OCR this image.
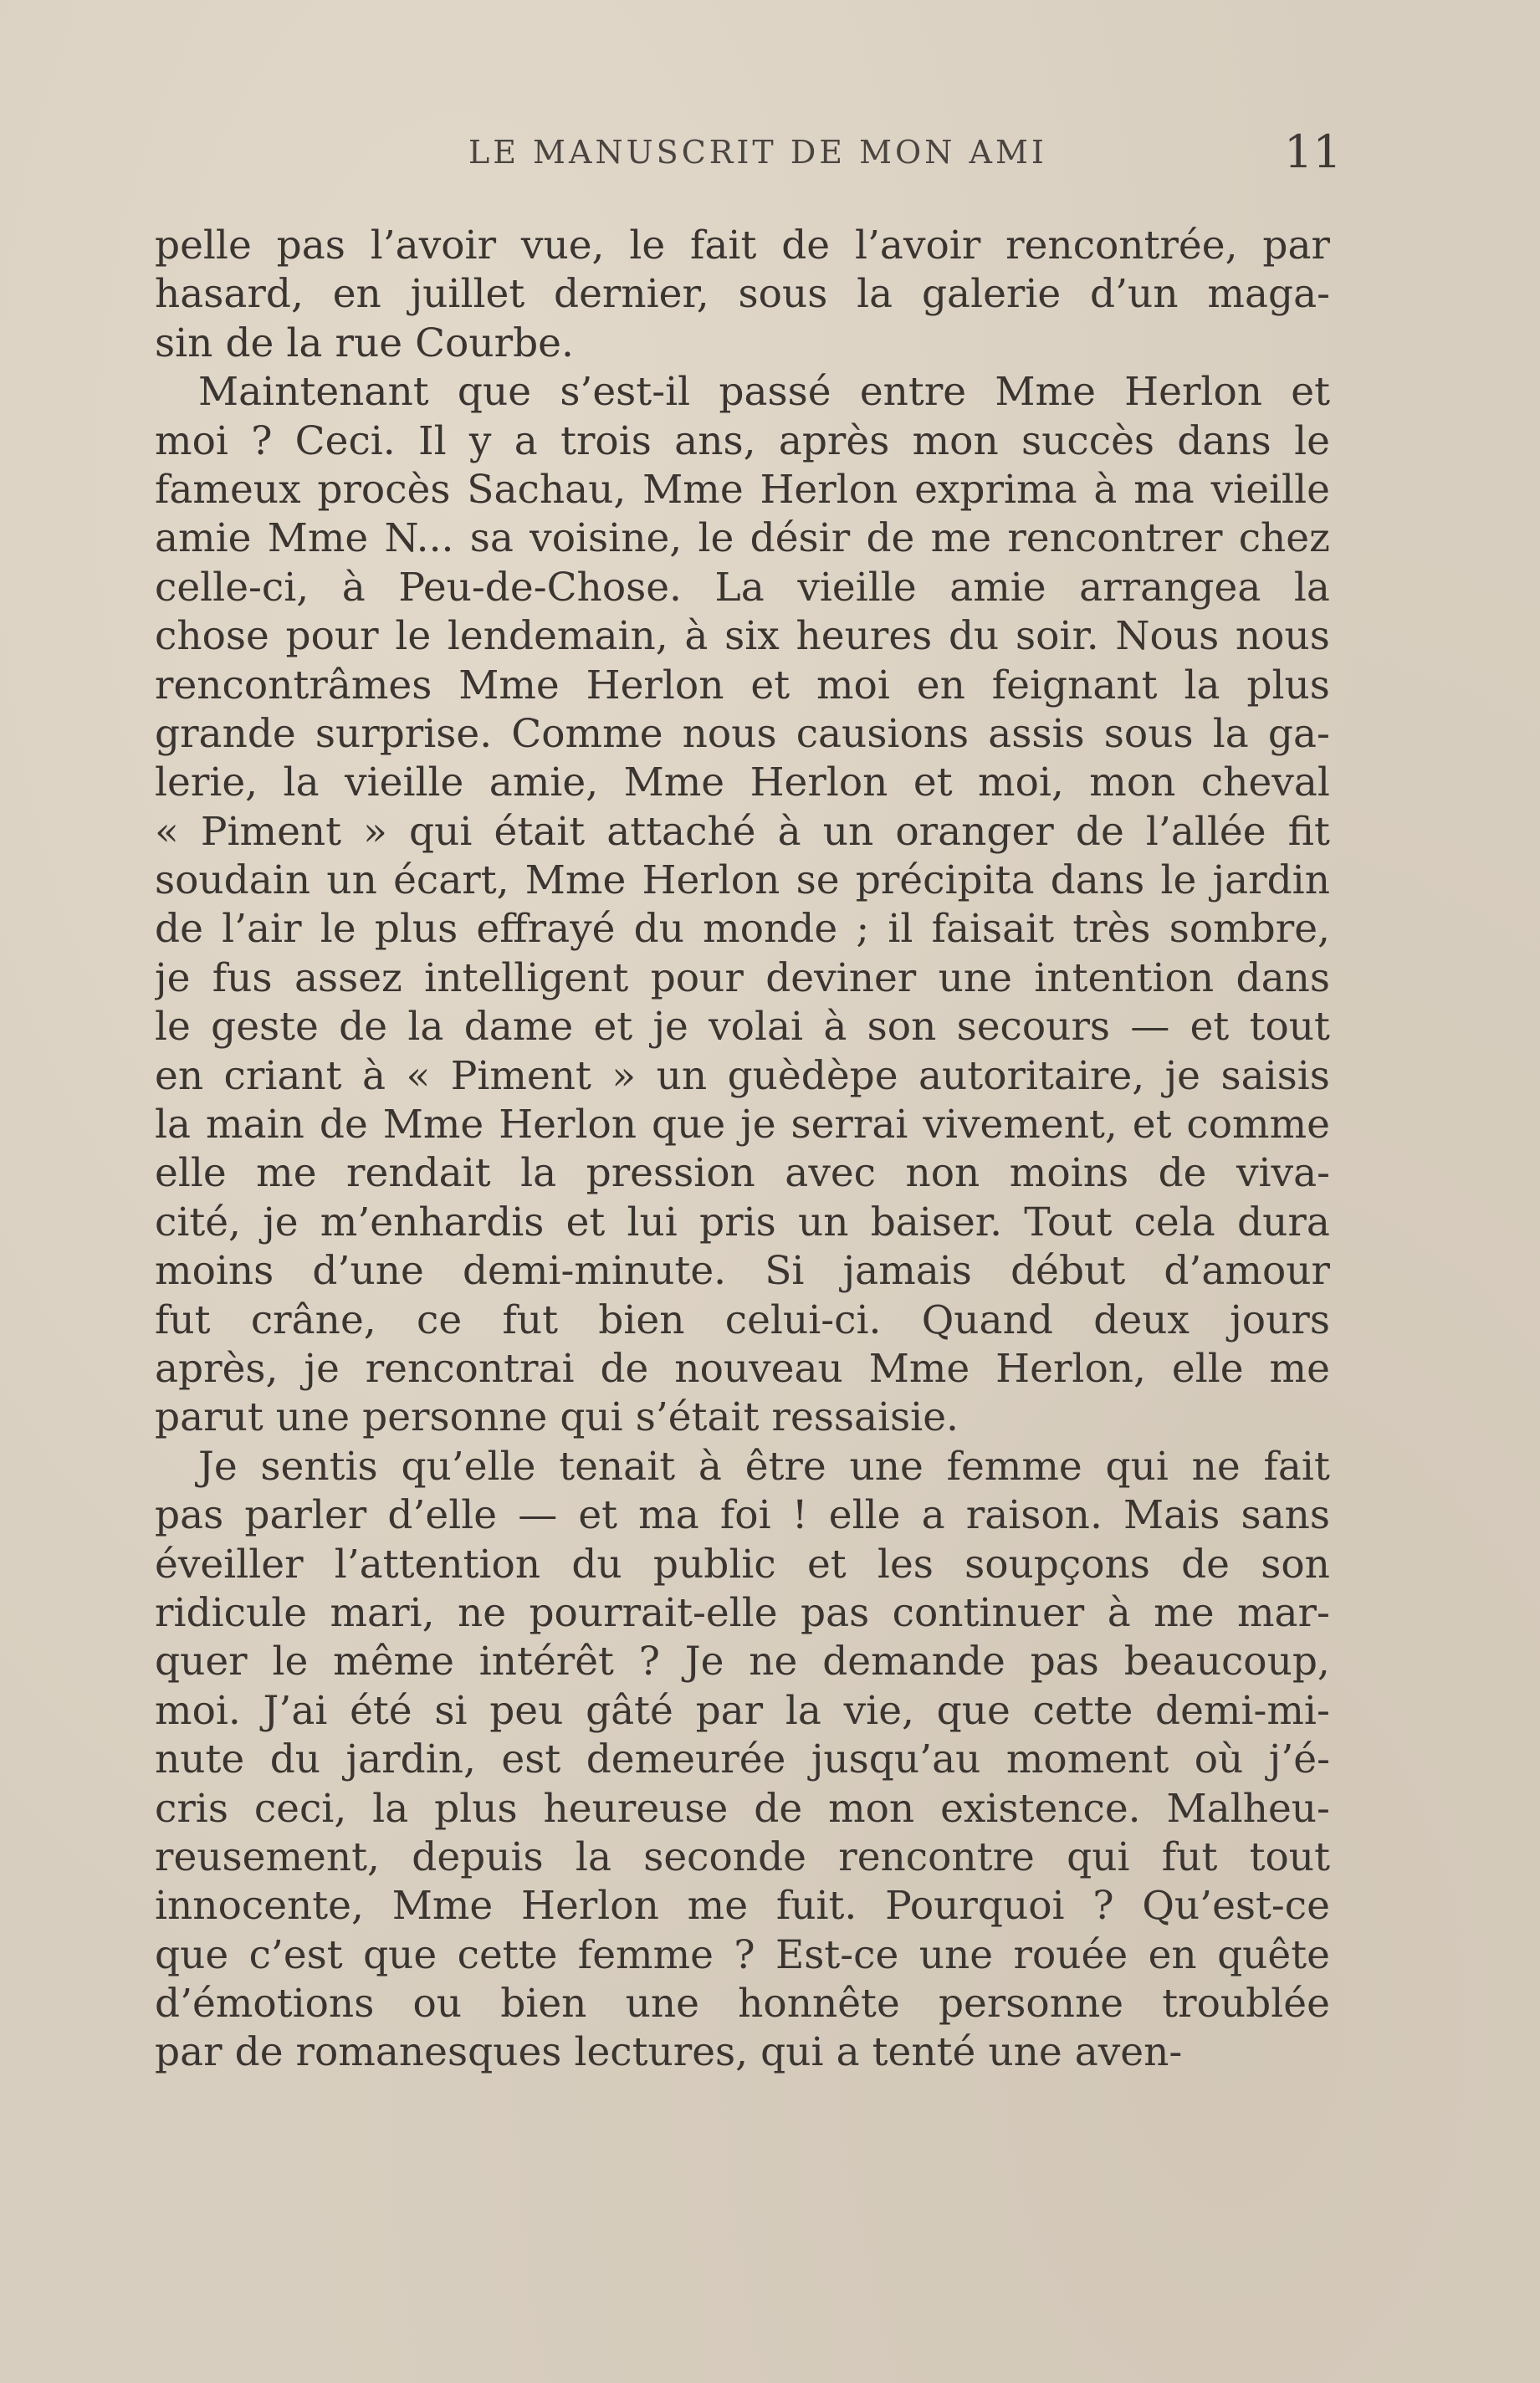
LE MANUSCRIT DE MON AMI	11
pelle pas l’avoir vue, le fait de l’avoir rencontrée, par
hasard, en juillet dernier, sous la galerie d’un maga-
sin de la rue Courbe.
Maintenant que s’est-il passé entre Mme Herlon et
moi ? Ceci. Il y a trois ans, après mon succès dans le
fameux procès Sachau, Mme Herlon exprima à ma vieille
amie Mme N... sa voisine, le désir de me rencontrer chez
celle-ci, à Peu-de-Chose. La vieille amie arrangea la
chose pour le lendemain, à six heures du soir. Nous nous
rencontrâmes Mme Herlon et moi en feignant la plus
grande surprise. Comme nous causions assis sous la ga-
lerie, la vieille amie, Mme Herlon et moi, mon cheval
« Piment » qui était attaché à un oranger de l’allée fit
soudain un écart, Mme Herlon se précipita dans le jardin
de l’air le plus effrayé du monde ; il faisait très sombre,
je fus assez intelligent pour deviner une intention dans
le geste de la dame et je volai à son secours — et tout
en criant à « Piment » un guèdèpe autoritaire, je saisis
la main de Mme Herlon que je serrai vivement, et comme
elle me rendait la pression avec non moins de viva-
cité, je m’enhardis et lui pris un baiser. Tout cela dura
moins d’une demi-minute. Si jamais début d’amour
fut crâne, ce fut bien celui-ci. Quand deux jours
après, je rencontrai de nouveau Mme Herlon, elle me
parut une personne qui s’était ressaisie.
Je sentis qu’elle tenait à être une femme qui ne fait
pas parler d’elle — et ma foi ! elle a raison. Mais sans
éveiller l’attention du public et les soupçons de son
ridicule mari, ne pourrait-elle pas continuer à me mar-
quer le même intérêt ? Je ne demande pas beaucoup,
moi. J’ai été si peu gâté par la vie, que cette demi-mi-
nute du jardin, est demeurée jusqu’au moment où j’é-
cris ceci, la plus heureuse de mon existence. Malheu-
reusement, depuis la seconde rencontre qui fut tout
innocente, Mme Herlon me fuit. Pourquoi ? Qu’est-ce
que c’est que cette femme ? Est-ce une rouée en quête
d’émotions ou bien une honnête personne troublée
par de romanesques lectures, qui a tenté une aven-
